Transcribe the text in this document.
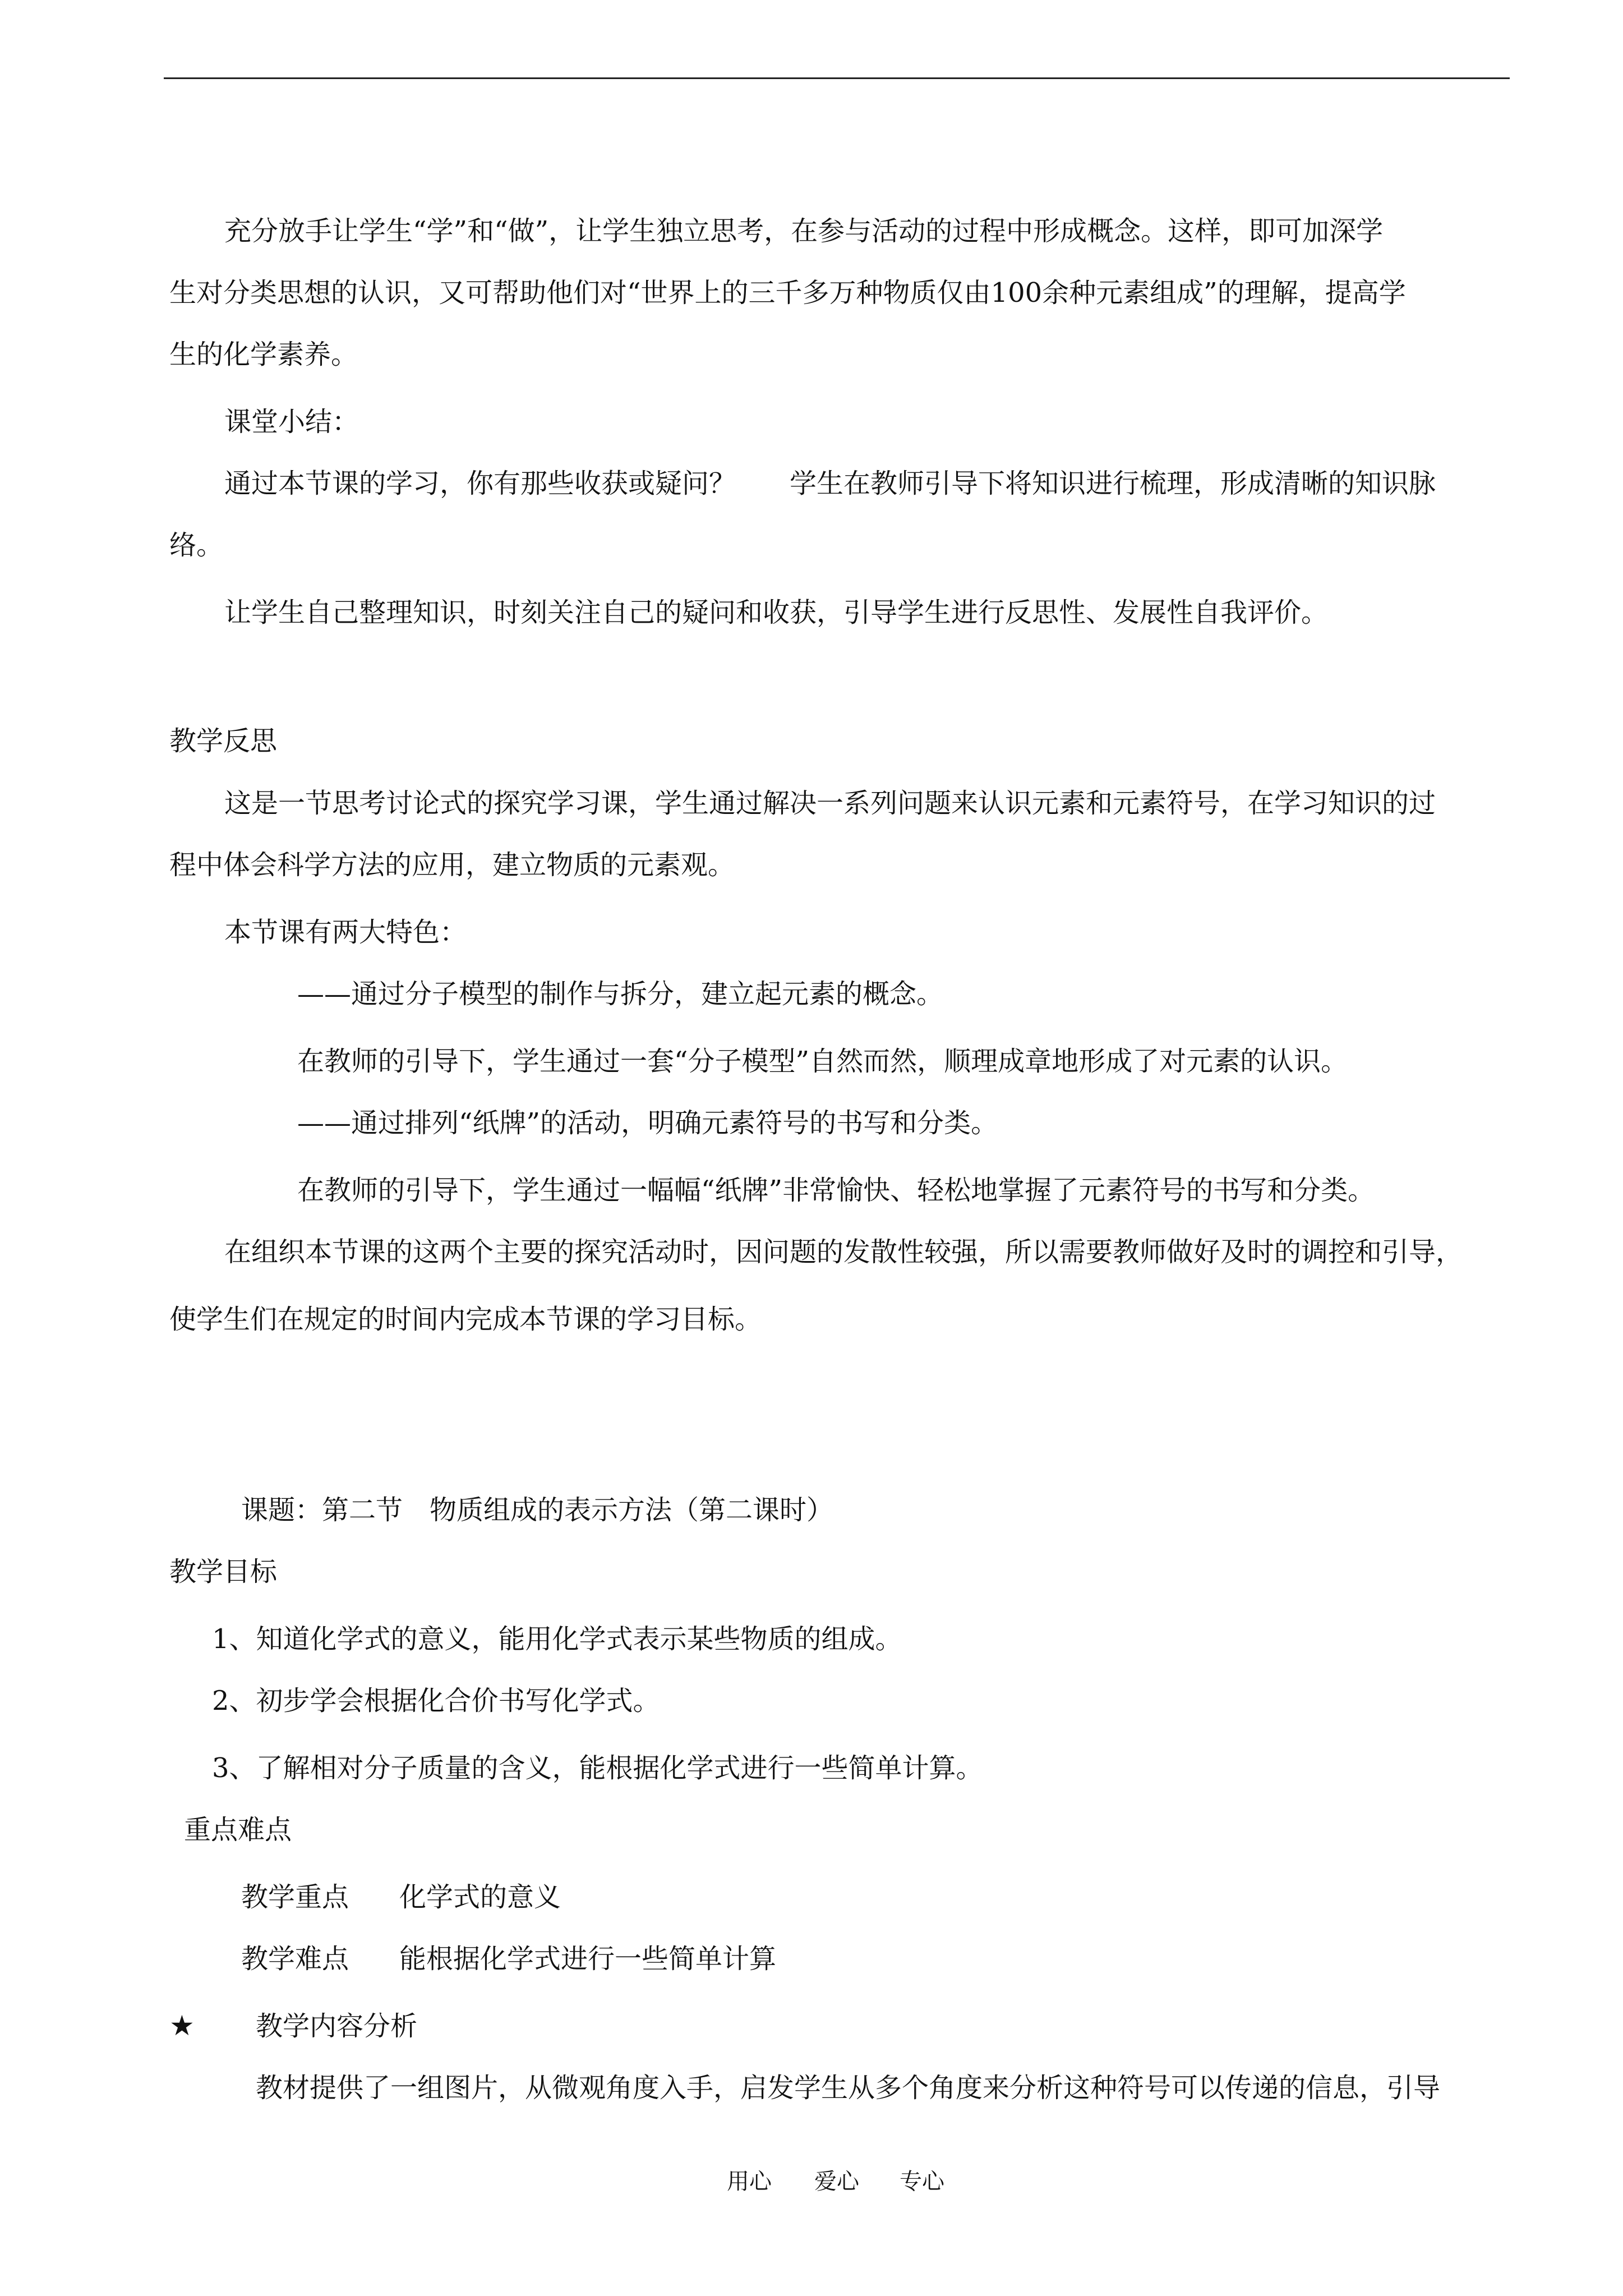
充分放手让学生“学”和“做”，让学生独立思考，在参与活动的过程中形成概念。这样，即可加深学
生对分类思想的认识，又可帮助他们对“世界上的三千多万种物质仅由100余种元素组成”的理解，提高学
生的化学素养。
课堂小结：
通过本节课的学习，你有那些收获或疑问？　　学生在教师引导下将知识进行梳理，形成清晰的知识脉
络。
让学生自己整理知识，时刻关注自己的疑问和收获，引导学生进行反思性、发展性自我评价。
教学反思
这是一节思考讨论式的探究学习课，学生通过解决一系列问题来认识元素和元素符号，在学习知识的过
程中体会科学方法的应用，建立物质的元素观。
本节课有两大特色：
——通过分子模型的制作与拆分，建立起元素的概念。
在教师的引导下，学生通过一套“分子模型”自然而然，顺理成章地形成了对元素的认识。
——通过排列“纸牌”的活动，明确元素符号的书写和分类。
在教师的引导下，学生通过一幅幅“纸牌”非常愉快、轻松地掌握了元素符号的书写和分类。
在组织本节课的这两个主要的探究活动时，因问题的发散性较强，所以需要教师做好及时的调控和引导，
使学生们在规定的时间内完成本节课的学习目标。
课题：第二节　物质组成的表示方法（第二课时）
教学目标
1、知道化学式的意义，能用化学式表示某些物质的组成。
2、初步学会根据化合价书写化学式。
3、了解相对分子质量的含义，能根据化学式进行一些简单计算。
重点难点
教学重点 化学式的意义
教学难点 能根据化学式进行一些简单计算
★ 教学内容分析
教材提供了一组图片，从微观角度入手，启发学生从多个角度来分析这种符号可以传递的信息，引导
用心 爱心 专心
